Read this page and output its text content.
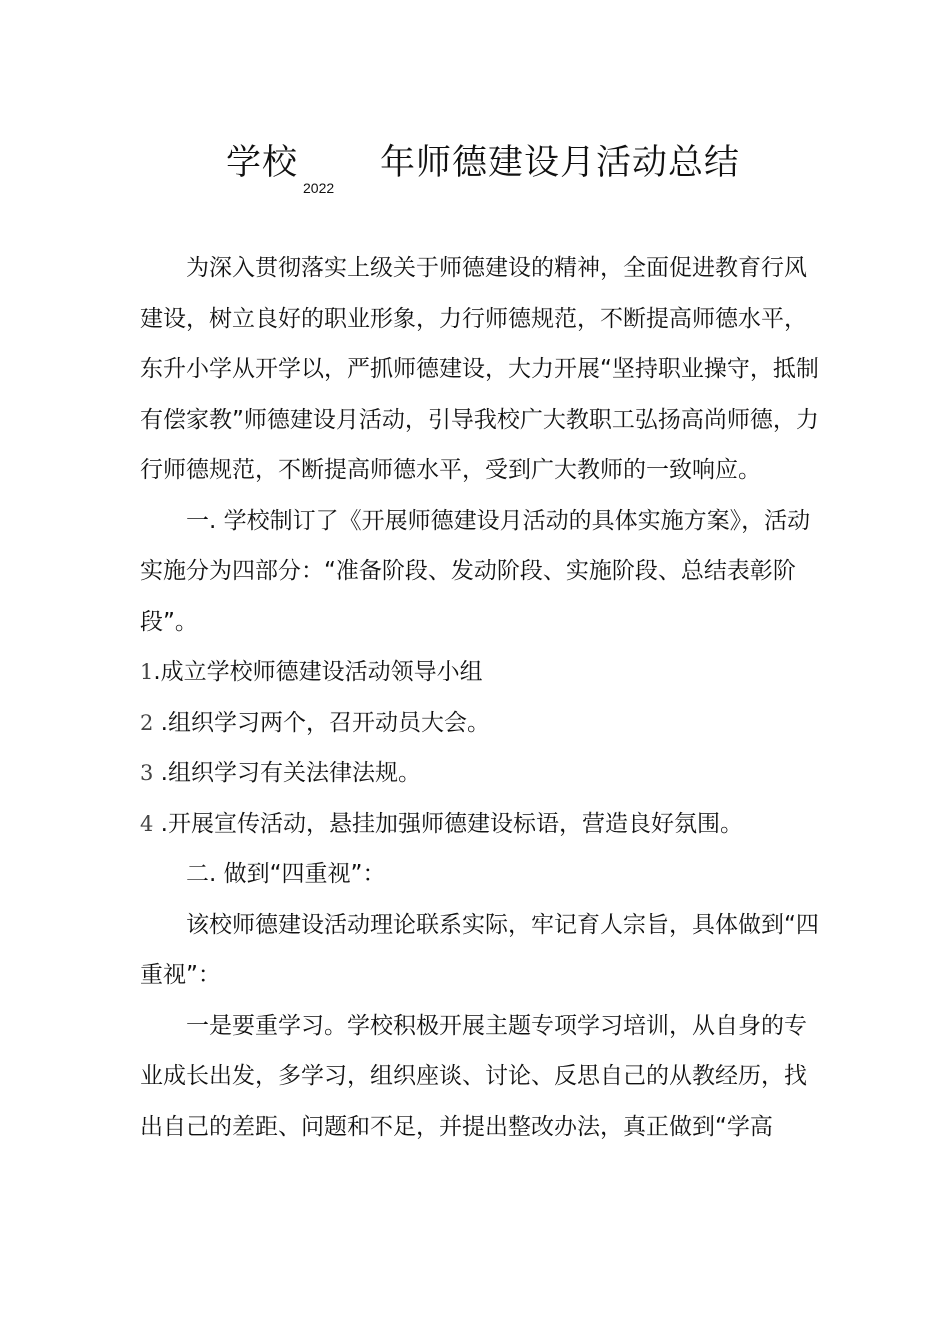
学校
2022
年师德建设月活动总结

为深入贯彻落实上级关于师德建设的精神，全面促进教育行风建设，树立良好的职业形象，力行师德规范，不断提高师德水平，东升小学从开学以，严抓师德建设，大力开展“坚持职业操守，抵制有偿家教”师德建设月活动，引导我校广大教职工弘扬高尚师德，力行师德规范，不断提高师德水平，受到广大教师的一致响应。

一. 学校制订了《开展师德建设月活动的具体实施方案》，活动实施分为四部分：“准备阶段、发动阶段、实施阶段、总结表彰阶段”。

1.成立学校师德建设活动领导小组

2 .组织学习两个，召开动员大会。

3 .组织学习有关法律法规。

4 .开展宣传活动，悬挂加强师德建设标语，营造良好氛围。

二. 做到“四重视”：

该校师德建设活动理论联系实际，牢记育人宗旨，具体做到“四重视”：

一是要重学习。学校积极开展主题专项学习培训，从自身的专业成长出发，多学习，组织座谈、讨论、反思自己的从教经历，找出自己的差距、问题和不足，并提出整改办法，真正做到“学高
